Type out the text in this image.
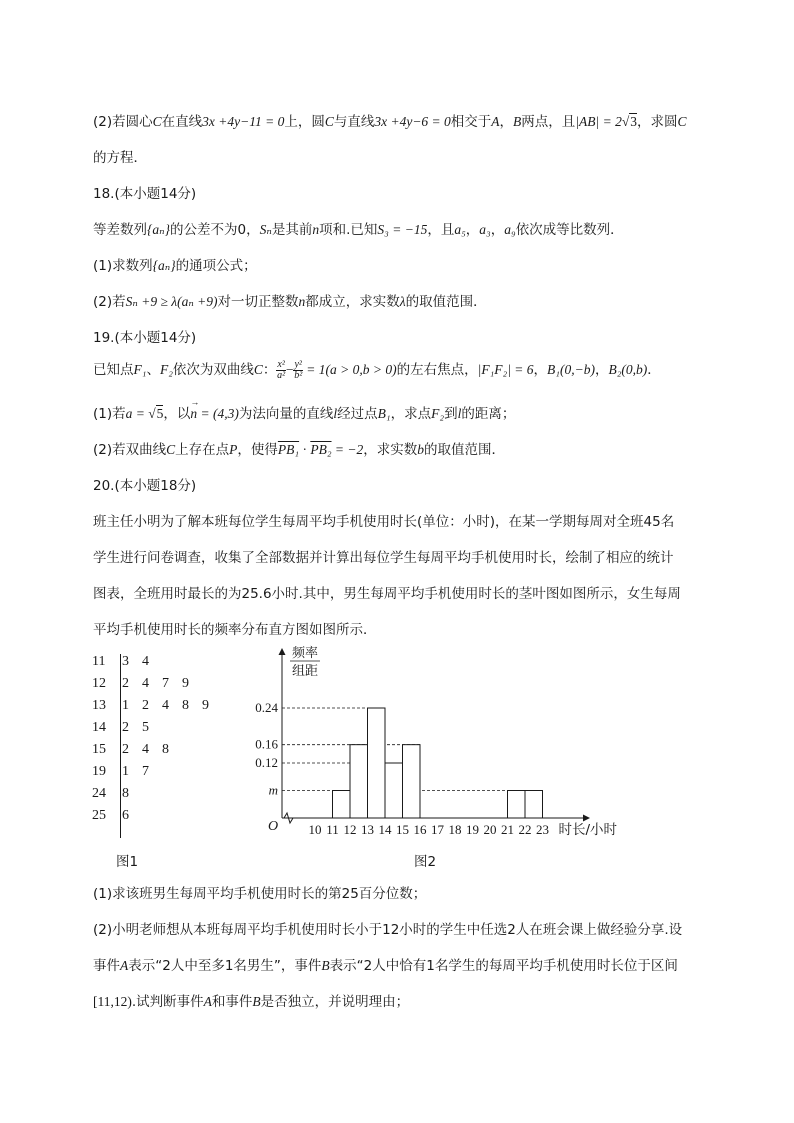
(2)若圆心C在直线3x +4y−11 = 0上，圆C与直线3x +4y−6 = 0相交于A，B两点，且|AB| = 2√3，求圆C
的方程．
18.(本小题14分)
等差数列{aₙ}的公差不为0，Sₙ是其前n项和.已知S₃ = −15，且a₅，a₃，a₉依次成等比数列．
(1)求数列{aₙ}的通项公式；
(2)若Sₙ +9 ≥ λ(aₙ +9)对一切正整数n都成立，求实数λ的取值范围．
19.(本小题14分)
已知点F₁、F₂依次为双曲线C： $\frac{\text{x²}}{\text{a²}} - \frac{\text{y²}}{\text{b²}} = 1(a > 0,b > 0)$的左右焦点，|F₁F₂| = 6，B₁(0,−b)，B₂(0,b)．
(1)若a = √5，以n
→
= (4,3)为法向量的直线l经过点B₁，求点F₂到l的距离；
(2)若双曲线C上存在点P，使得PB₁ · PB₂ = −2，求实数b的取值范围．
20.(本小题18分)
班主任小明为了解本班每位学生每周平均手机使用时长(单位：小时)，在某一学期每周对全班45名
学生进行问卷调查，收集了全部数据并计算出每位学生每周平均手机使用时长，绘制了相应的统计
图表，全班用时最长的为25.6小时.其中，男生每周平均手机使用时长的茎叶图如图所示，女生每周
平均手机使用时长的频率分布直方图如图所示．
11	3 4
12	2 4 7 9
13	1 2 4 8 9
14	2 5
15	2 4 8
19	1 7
24	8
25	6
图1
频率
组距
O
0.24
0.16
0.12
m
10 11 12 13 14 15 16 17 18 19 20 21 22 23 时长/小时
图2
(1)求该班男生每周平均手机使用时长的第25百分位数；
(2)小明老师想从本班每周平均手机使用时长小于12小时的学生中任选2人在班会课上做经验分享.设
事件A表示“2人中至多1名男生”，事件B表示“2人中恰有1名学生的每周平均手机使用时长位于区间
[11,12).试判断事件A和事件B是否独立，并说明理由；
